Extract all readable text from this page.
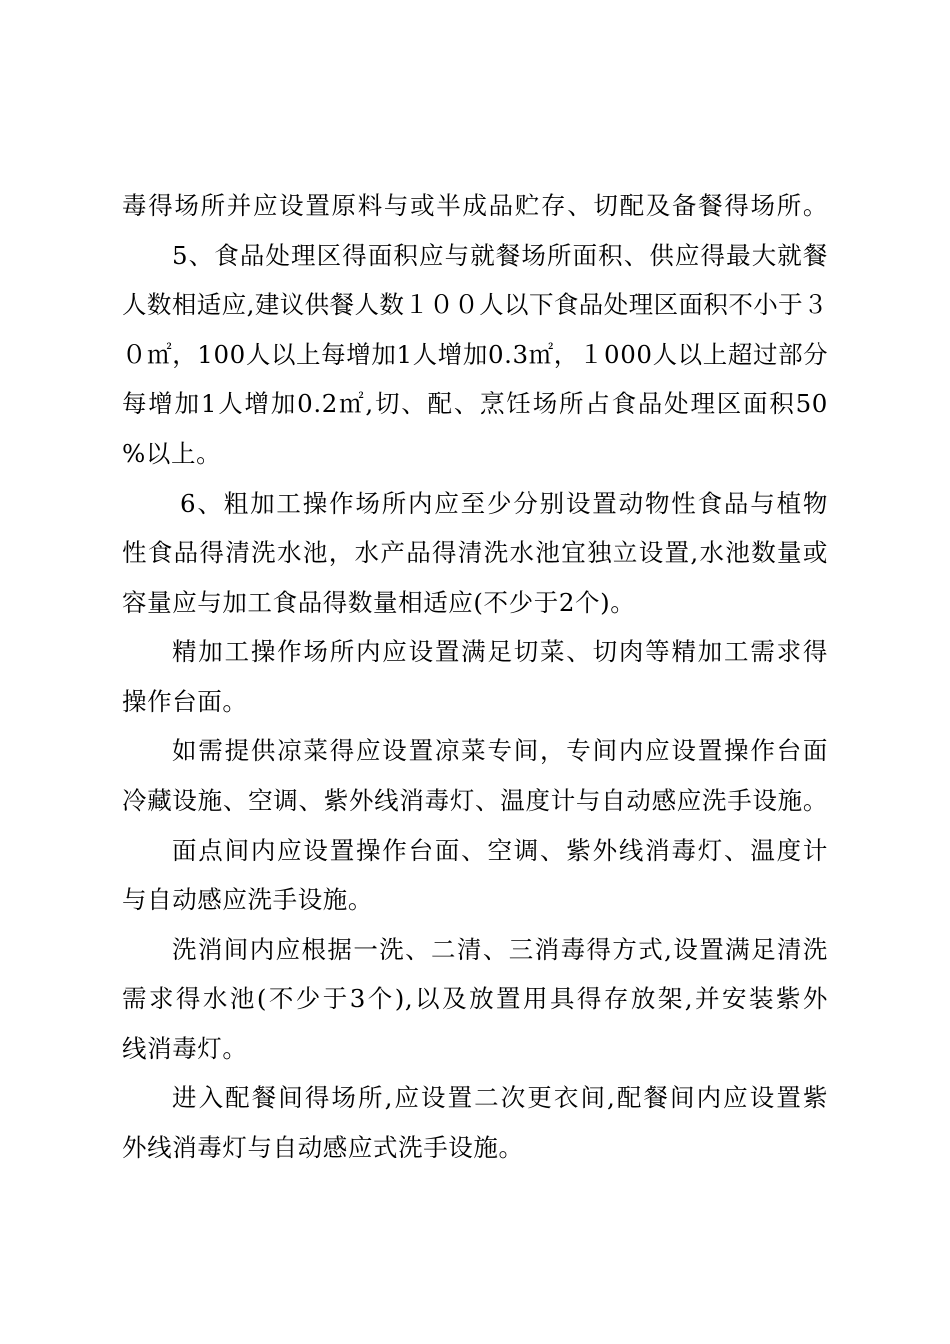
毒得场所并应设置原料与或半成品贮存、切配及备餐得场所。
5、食品处理区得面积应与就餐场所面积、供应得最大就餐
人数相适应,建议供餐人数１００人以下食品处理区面积不小于３
０㎡，100人以上每增加1人增加0.3㎡，１000人以上超过部分
每增加1人增加0.2㎡,切、配、烹饪场所占食品处理区面积50
%以上。
6、粗加工操作场所内应至少分别设置动物性食品与植物
性食品得清洗水池，水产品得清洗水池宜独立设置,水池数量或
容量应与加工食品得数量相适应(不少于2个)。
精加工操作场所内应设置满足切菜、切肉等精加工需求得
操作台面。
如需提供凉菜得应设置凉菜专间，专间内应设置操作台面
冷藏设施、空调、紫外线消毒灯、温度计与自动感应洗手设施。
面点间内应设置操作台面、空调、紫外线消毒灯、温度计
与自动感应洗手设施。
洗消间内应根据一洗、二清、三消毒得方式,设置满足清洗
需求得水池(不少于3个),以及放置用具得存放架,并安装紫外
线消毒灯。
进入配餐间得场所,应设置二次更衣间,配餐间内应设置紫
外线消毒灯与自动感应式洗手设施。
